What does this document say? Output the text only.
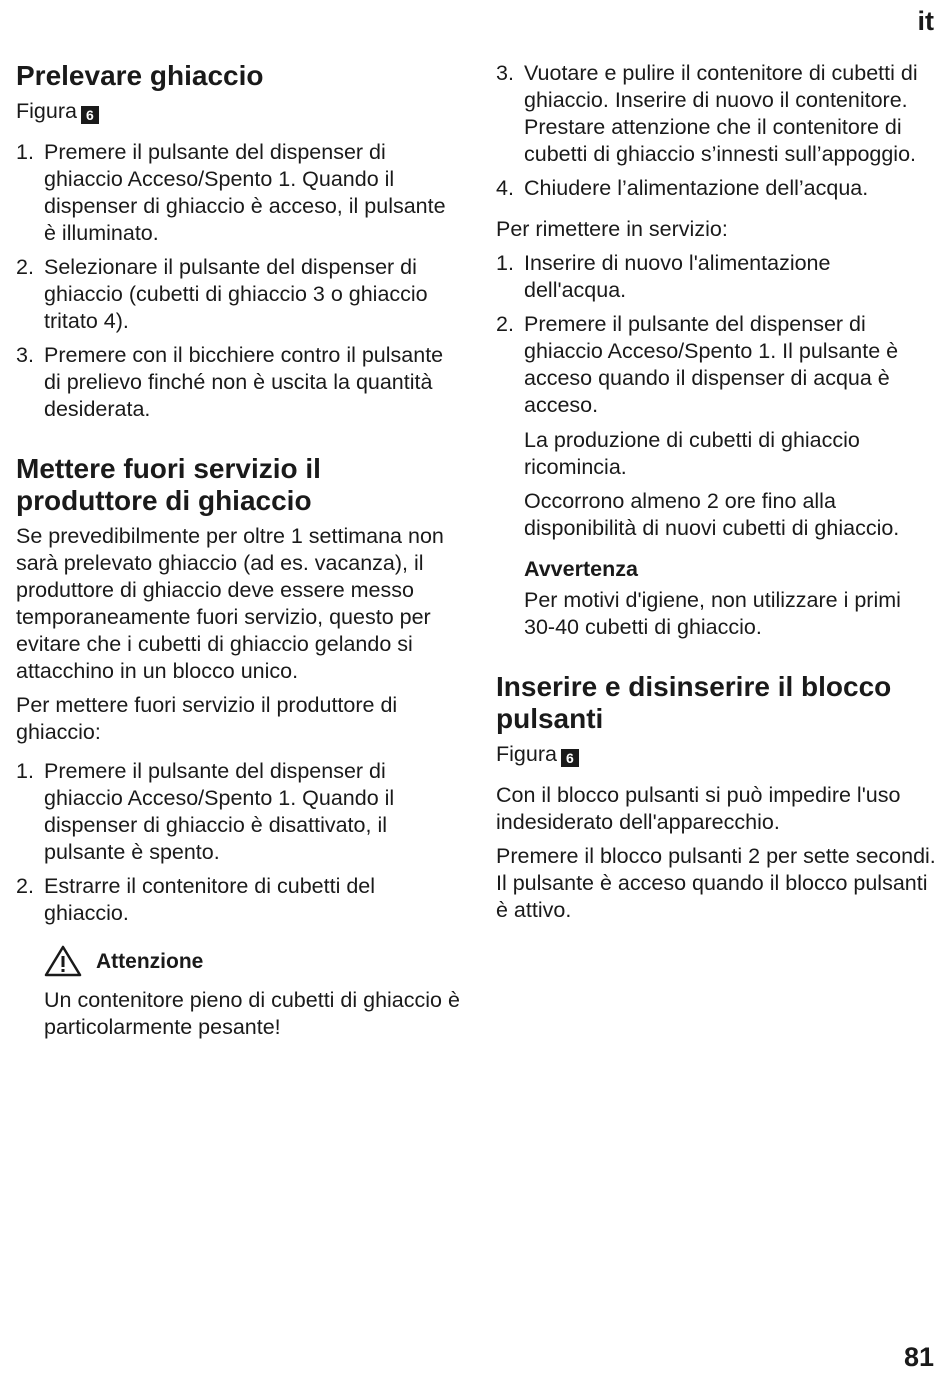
it
Prelevare ghiaccio

Figura 6

1. Premere il pulsante del dispenser di ghiaccio Acceso/Spento 1. Quando il dispenser di ghiaccio è acceso, il pulsante è illuminato.
2. Selezionare il pulsante del dispenser di ghiaccio (cubetti di ghiaccio 3 o ghiaccio tritato 4).
3. Premere con il bicchiere contro il pulsante di prelievo finché non è uscita la quantità desiderata.
Mettere fuori servizio il produttore di ghiaccio

Se prevedibilmente per oltre 1 settimana non sarà prelevato ghiaccio (ad es. vacanza), il produttore di ghiaccio deve essere messo temporaneamente fuori servizio, questo per evitare che i cubetti di ghiaccio gelando si attacchino in un blocco unico.

Per mettere fuori servizio il produttore di ghiaccio:

1. Premere il pulsante del dispenser di ghiaccio Acceso/Spento 1. Quando il dispenser di ghiaccio è disattivato, il pulsante è spento.
2. Estrarre il contenitore di cubetti del ghiaccio.
Attenzione

Un contenitore pieno di cubetti di ghiaccio è particolarmente pesante!

3. Vuotare e pulire il contenitore di cubetti di ghiaccio. Inserire di nuovo il contenitore. Prestare attenzione che il contenitore di cubetti di ghiaccio s’innesti sull’appoggio.
4. Chiudere l’alimentazione dell’acqua.

Per rimettere in servizio:

1. Inserire di nuovo l'alimentazione dell'acqua.
2. Premere il pulsante del dispenser di ghiaccio Acceso/Spento 1. Il pulsante è acceso quando il dispenser di acqua è acceso.

La produzione di cubetti di ghiaccio ricomincia.

Occorrono almeno 2 ore fino alla disponibilità di nuovi cubetti di ghiaccio.

Avvertenza

Per motivi d'igiene, non utilizzare i primi 30-40 cubetti di ghiaccio.

Inserire e disinserire il blocco pulsanti

Figura 6

Con il blocco pulsanti si può impedire l'uso indesiderato dell'apparecchio.

Premere il blocco pulsanti 2 per sette secondi. Il pulsante è acceso quando il blocco pulsanti è attivo.

81
